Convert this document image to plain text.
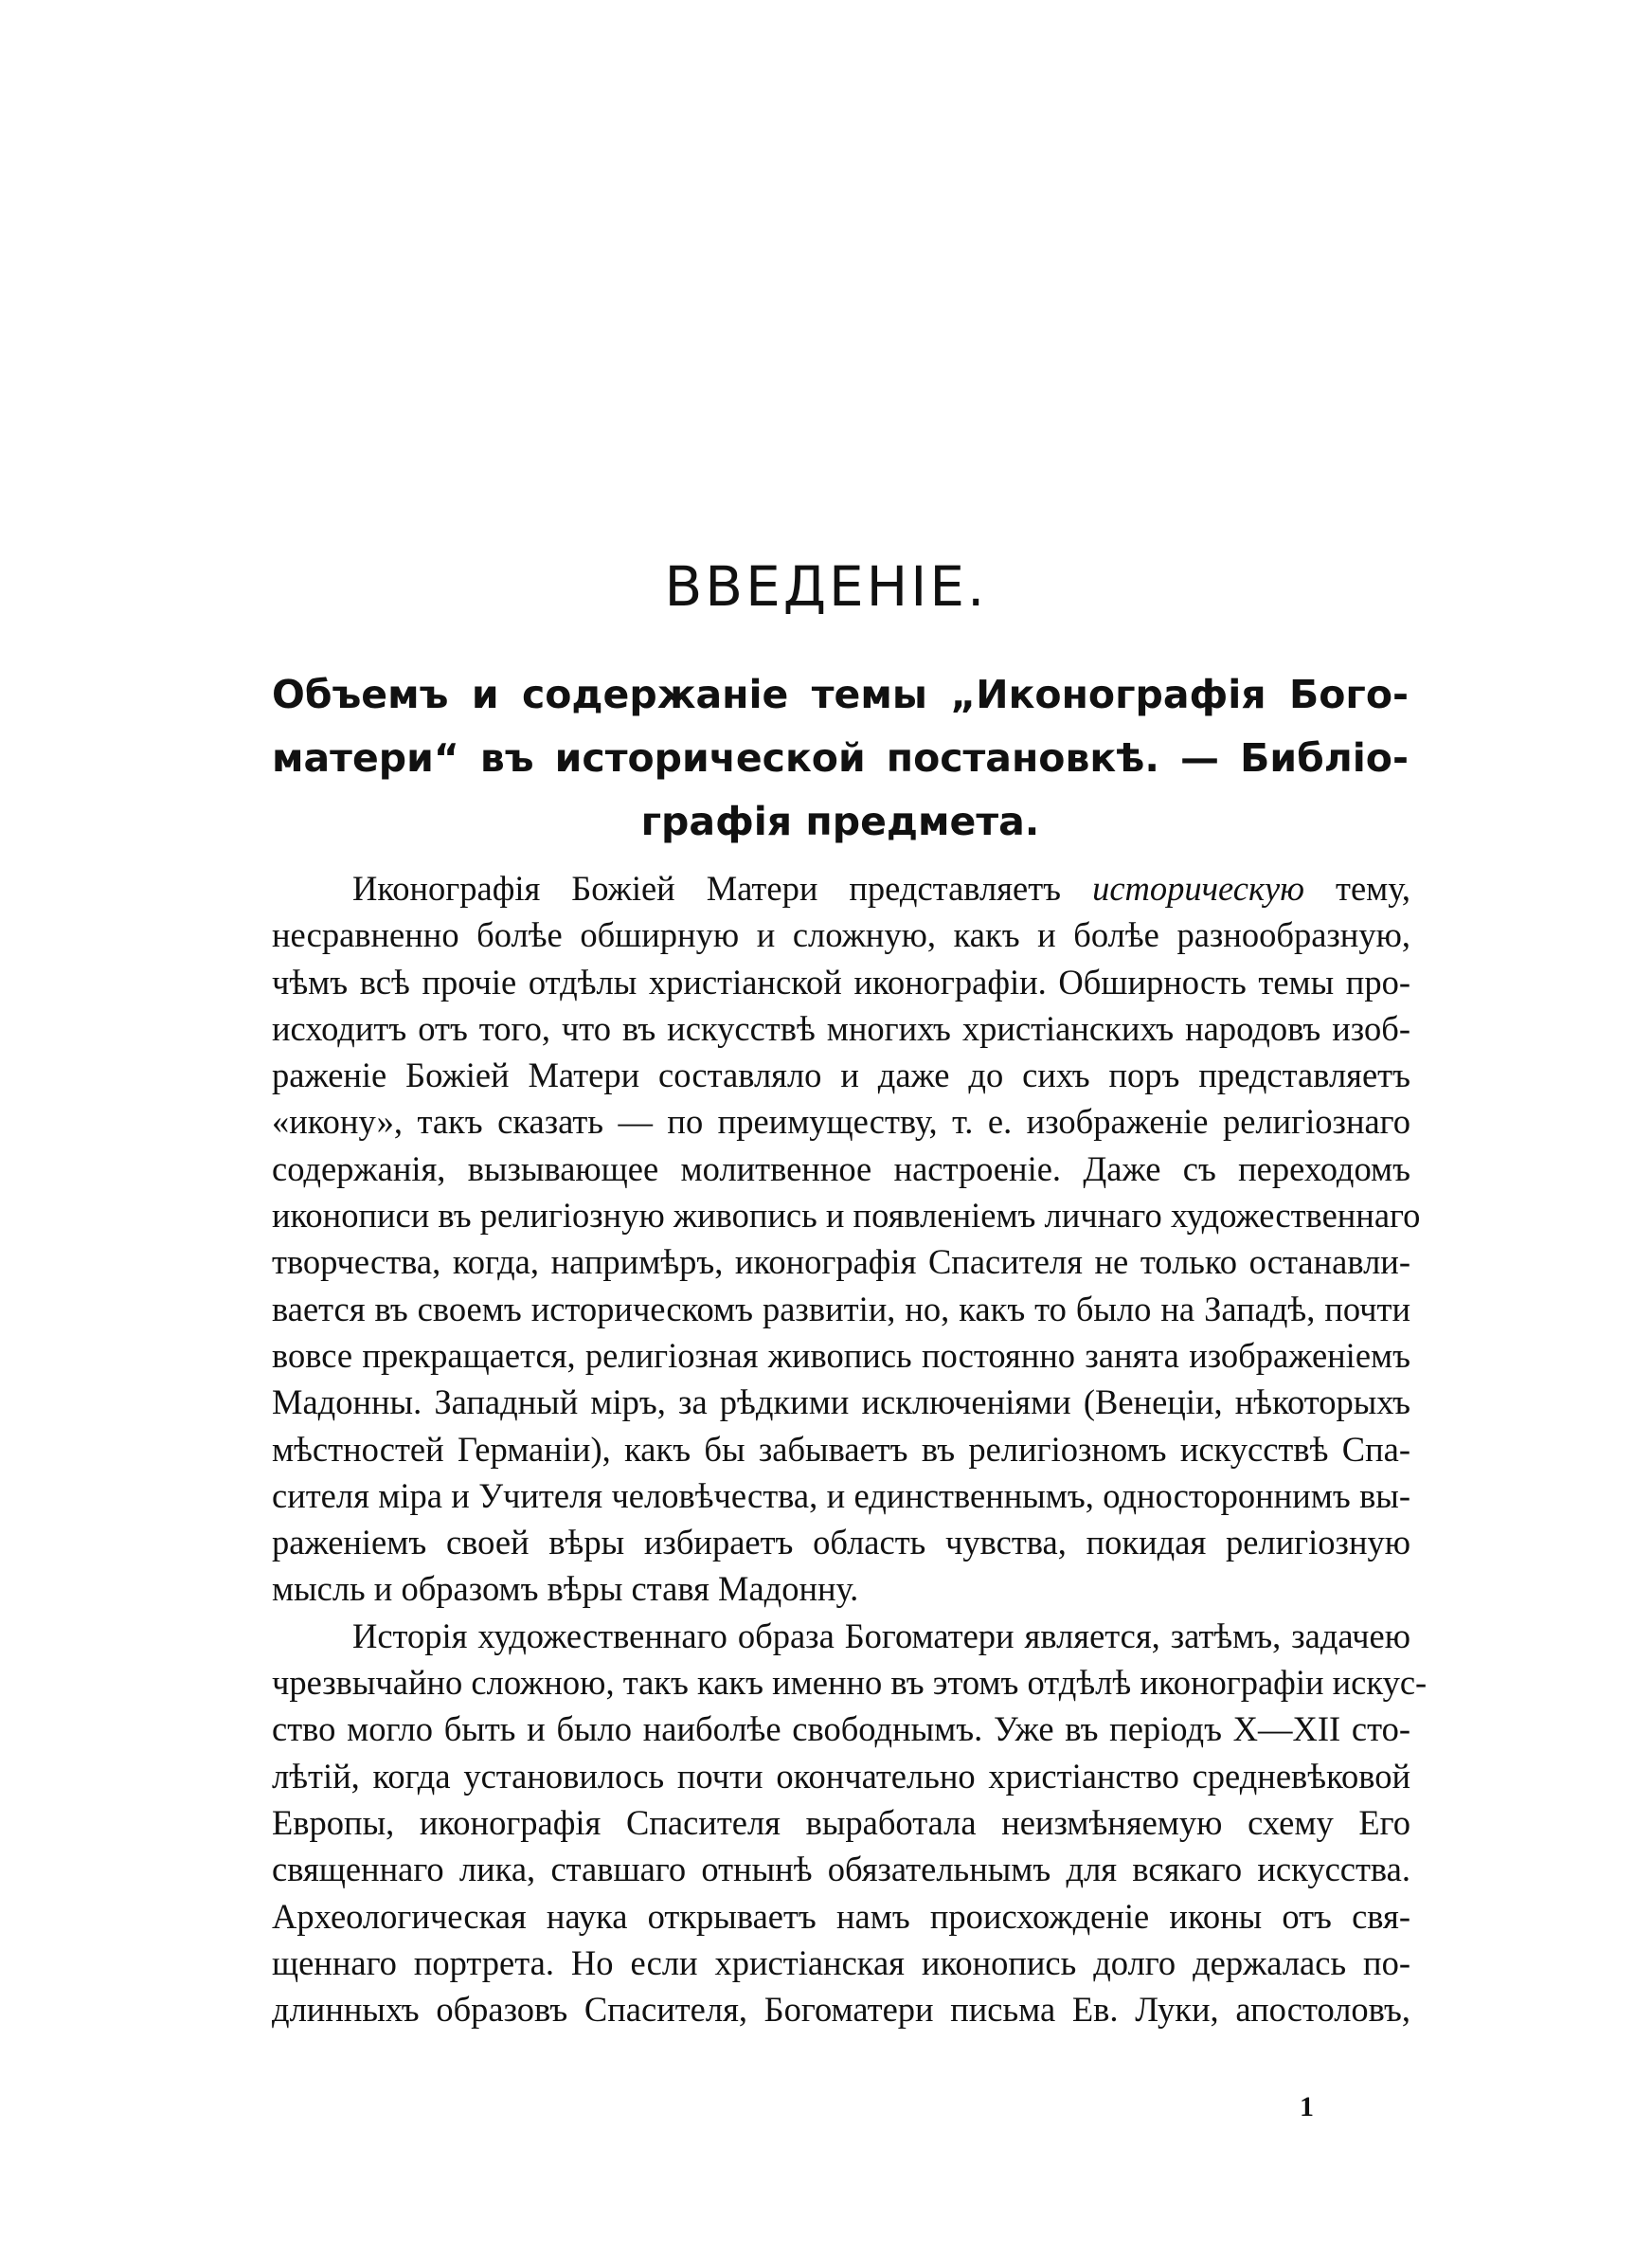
ВВЕДЕНІЕ.
Объемъ и содержаніе темы „Иконографія Бого-
матери“ въ исторической постановкѣ. — Библіо-
графія предмета.
Иконографія Божіей Матери представляетъ историческую тему,
несравненно болѣе обширную и сложную, какъ и болѣе разнообразную,
чѣмъ всѣ прочіе отдѣлы христіанской иконографіи. Обширность темы про-
исходитъ отъ того, что въ искусствѣ многихъ христіанскихъ народовъ изоб-
раженіе Божіей Матери составляло и даже до сихъ поръ представляетъ
«икону», такъ сказать — по преимуществу, т. е. изображеніе религіознаго
содержанія, вызывающее молитвенное настроеніе. Даже съ переходомъ
иконописи въ религіозную живопись и появленіемъ личнаго художественнаго
творчества, когда, напримѣръ, иконографія Спасителя не только останавли-
вается въ своемъ историческомъ развитіи, но, какъ то было на Западѣ, почти
вовсе прекращается, религіозная живопись постоянно занята изображеніемъ
Мадонны. Западный міръ, за рѣдкими исключеніями (Венеціи, нѣкоторыхъ
мѣстностей Германіи), какъ бы забываетъ въ религіозномъ искусствѣ Спа-
сителя міра и Учителя человѣчества, и единственнымъ, одностороннимъ вы-
раженіемъ своей вѣры избираетъ область чувства, покидая религіозную
мысль и образомъ вѣры ставя Мадонну.
Исторія художественнаго образа Богоматери является, затѣмъ, задачею
чрезвычайно сложною, такъ какъ именно въ этомъ отдѣлѣ иконографіи искус-
ство могло быть и было наиболѣе свободнымъ. Уже въ періодъ X—XII сто-
лѣтій, когда установилось почти окончательно христіанство средневѣковой
Европы, иконографія Спасителя выработала неизмѣняемую схему Его
священнаго лика, ставшаго отнынѣ обязательнымъ для всякаго искусства.
Археологическая наука открываетъ намъ происхожденіе иконы отъ свя-
щеннаго портрета. Но если христіанская иконопись долго держалась по-
длинныхъ образовъ Спасителя, Богоматери письма Ев. Луки, апостоловъ,
1
